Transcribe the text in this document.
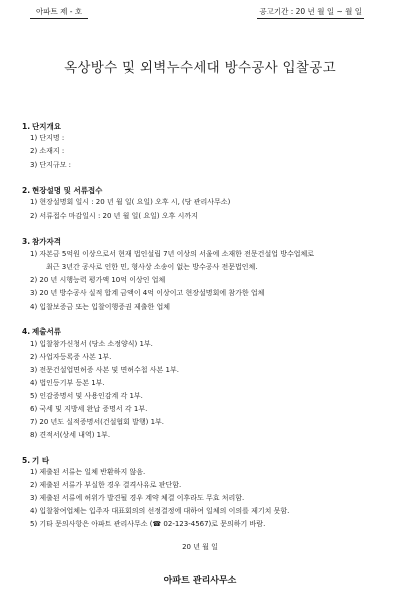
아파트 제 - 호	공고기간 : 20 년 월 일 ~ 월 일
옥상방수 및 외벽누수세대 방수공사 입찰공고
1. 단지개요
1) 단지명 :
2) 소재지 :
3) 단지규모 :
2. 현장설명 및 서류접수
1) 현장설명회 일시 : 20 년 월 일( 요일) 오후 시, (당 관리사무소)
2) 서류접수 마감일시 : 20 년 월 일( 요일) 오후 시까지
3. 참가자격
1) 자본금 5억원 이상으로서 현재 법인설립 7년 이상의 서울에 소재한 전문건설업 방수업체로
최근 3년간 공사로 인한 민, 형사상 소송이 없는 방수공사 전문법인체.
2) 20 년 시행능력 평가액 10억 이상인 업체
3) 20 년 방수공사 실적 합계 금액이 4억 이상이고 현장설명회에 참가한 업체
4) 입찰보증금 또는 입찰이행증권 제출한 업체
4. 제출서류
1) 입찰참가신청서 (당소 소정양식) 1부.
2) 사업자등록증 사본 1부.
3) 전문건설업면허증 사본 및 면허수첩 사본 1부.
4) 법인등기부 등본 1부.
5) 인감증명서 및 사용인감계 각 1부.
6) 국세 및 지방세 완납 증명서 각 1부.
7) 20 년도 실적증명서(건설협회 발행) 1부.
8) 견적서(상세 내역) 1부.
5. 기 타
1) 제출된 서류는 일체 반환하지 않음.
2) 제출된 서류가 부실한 경우 결격사유로 판단함.
3) 제출된 서류에 허위가 발견될 경우 계약 체결 이후라도 무효 처리함.
4) 입찰참여업체는 입주자 대표회의의 선정결정에 대하여 일체의 이의를 제기치 못함.
5) 기타 문의사항은 아파트 관리사무소 (☎ 02-123-4567)로 문의하기 바람.
20 년 월 일
아파트 관리사무소
